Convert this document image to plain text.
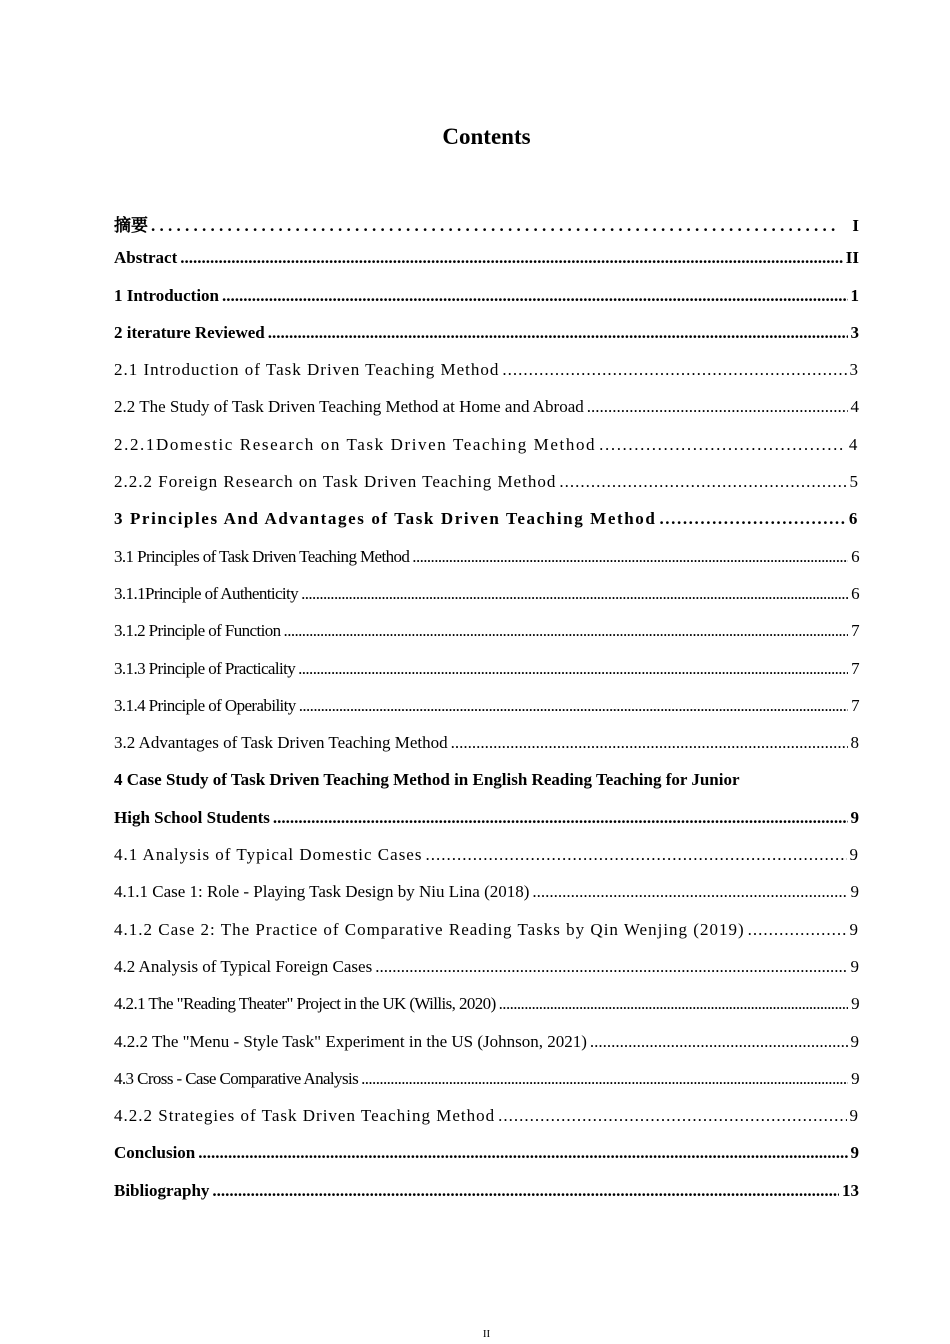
Contents
摘要 . . .	I
Abstract .....	II
1 Introduction .....	1
2 iterature Reviewed .....	3
2.1 Introduction of Task Driven Teaching Method .....	3
2.2 The Study of Task Driven Teaching Method at Home and Abroad .....	4
2.2.1Domestic Research on Task Driven Teaching Method .....	4
2.2.2 Foreign Research on Task Driven Teaching Method .....	5
3 Principles And Advantages of Task Driven Teaching Method .....	6
3.1 Principles of Task Driven Teaching Method .....	6
3.1.1Principle of Authenticity .....	6
3.1.2 Principle of Function .....	7
3.1.3 Principle of Practicality .....	7
3.1.4 Principle of Operability .....	7
3.2 Advantages of Task Driven Teaching Method .....	8
4 Case Study of Task Driven Teaching Method in English Reading Teaching for Junior
High School Students .....	9
4.1 Analysis of Typical Domestic Cases .....	9
4.1.1 Case 1: Role - Playing Task Design by Niu Lina (2018) .....	9
4.1.2 Case 2: The Practice of Comparative Reading Tasks by Qin Wenjing (2019) .....	9
4.2 Analysis of Typical Foreign Cases .....	9
4.2.1 The "Reading Theater" Project in the UK (Willis, 2020) .....	9
4.2.2 The "Menu - Style Task" Experiment in the US (Johnson, 2021) .....	9
4.3 Cross - Case Comparative Analysis .....	9
4.2.2 Strategies of Task Driven Teaching Method .....	9
Conclusion .....	9
Bibliography .....	13
II
